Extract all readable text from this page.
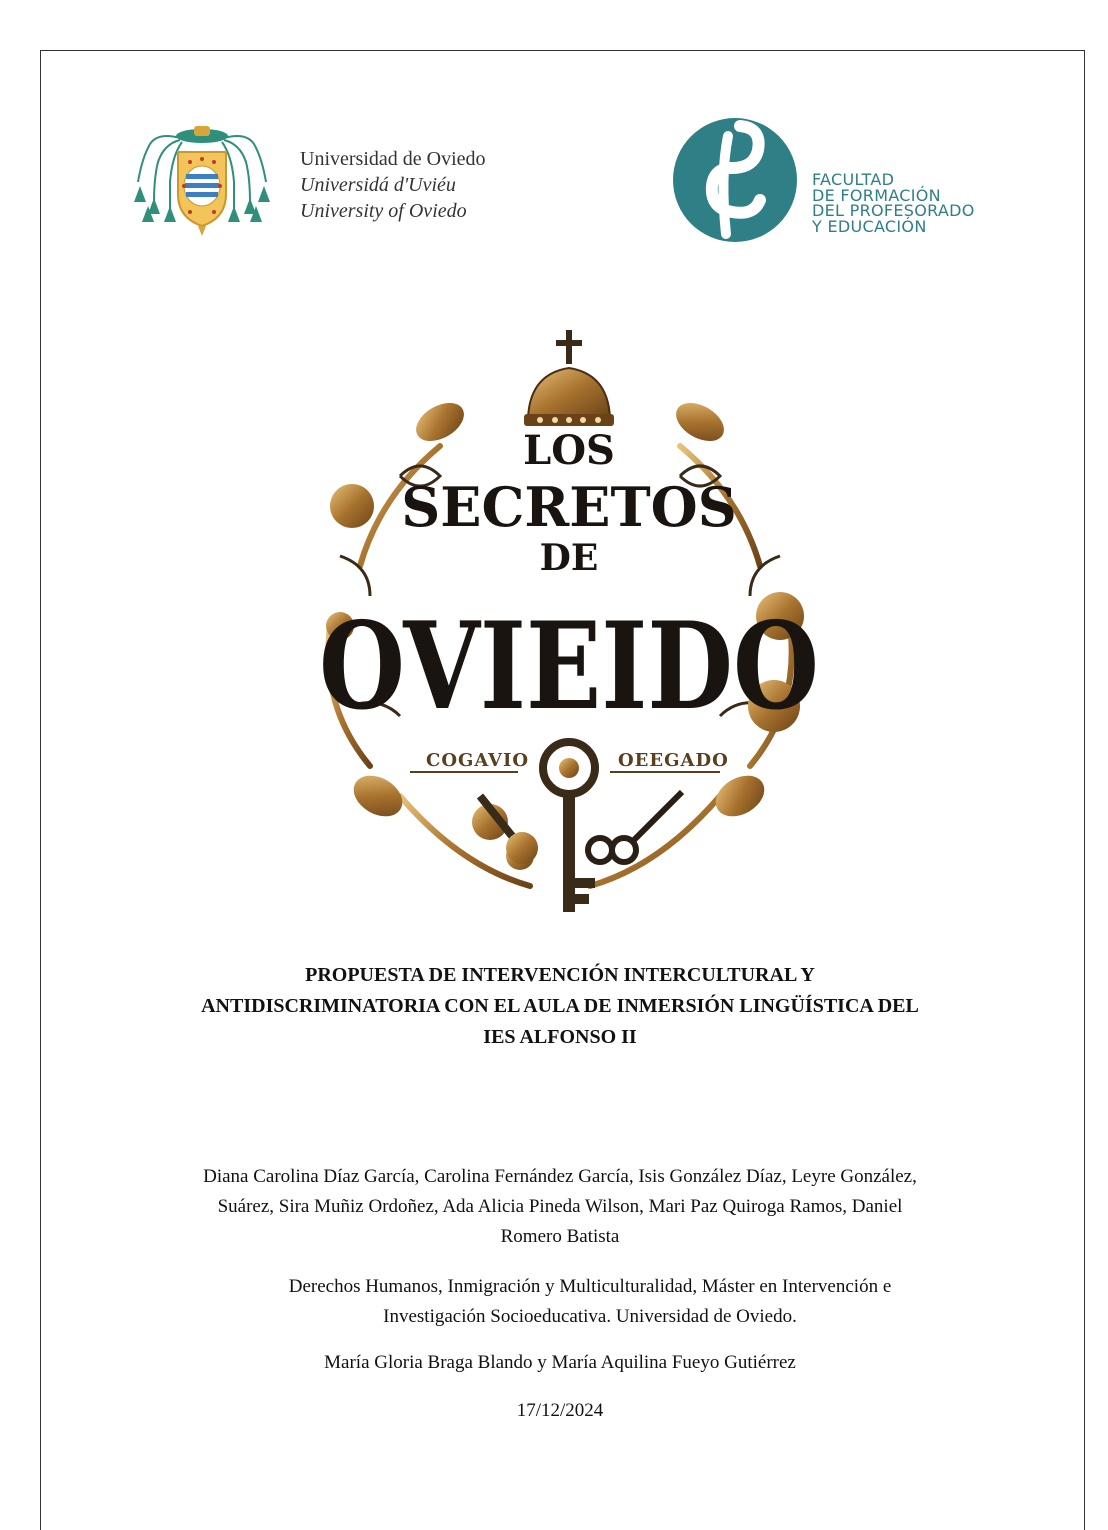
Universidad de Oviedo
Universidá d'Uviéu
University of Oviedo
FACULTAD
DE FORMACIÓN
DEL PROFESORADO
Y EDUCACIÓN
LOS
SECRETOS
DE
OVIEIDO
COGAVIO	OEEGADO
PROPUESTA DE INTERVENCIÓN INTERCULTURAL Y
ANTIDISCRIMINATORIA CON EL AULA DE INMERSIÓN LINGÜÍSTICA DEL
IES ALFONSO II
Diana Carolina Díaz García, Carolina Fernández García, Isis González Díaz, Leyre González,
Suárez, Sira Muñiz Ordoñez, Ada Alicia Pineda Wilson, Mari Paz Quiroga Ramos, Daniel
Romero Batista
Derechos Humanos, Inmigración y Multiculturalidad, Máster en Intervención e
Investigación Socioeducativa. Universidad de Oviedo.
María Gloria Braga Blando y María Aquilina Fueyo Gutiérrez
17/12/2024
